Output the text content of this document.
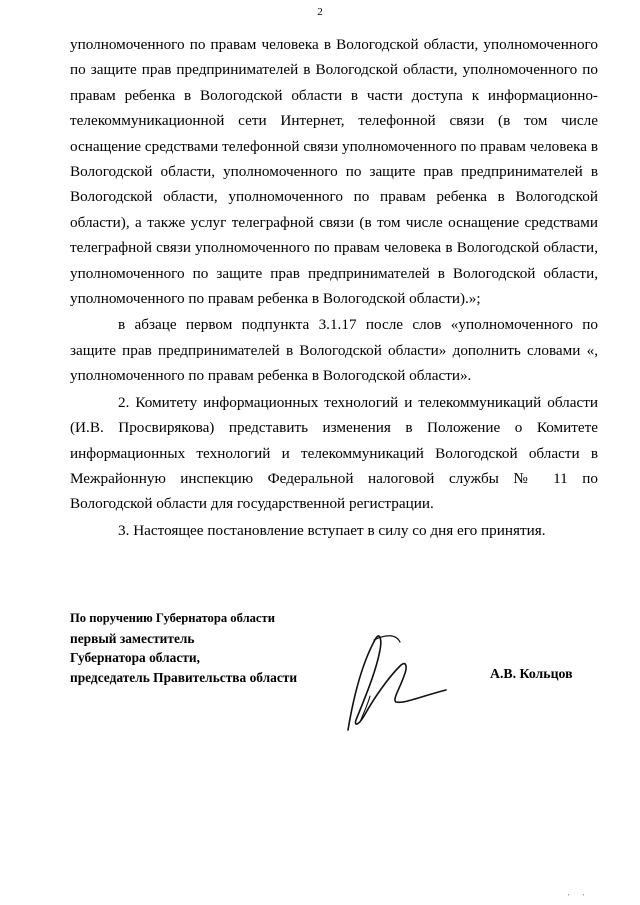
2

уполномоченного по правам человека в Вологодской области, уполномоченного по защите прав предпринимателей в Вологодской области, уполномоченного по правам ребенка в Вологодской области в части доступа к информационно-телекоммуникационной сети Интернет, телефонной связи (в том числе оснащение средствами телефонной связи уполномоченного по правам человека в Вологодской области, уполномоченного по защите прав предпринимателей в Вологодской области, уполномоченного по правам ребенка в Вологодской области), а также услуг телеграфной связи (в том числе оснащение средствами телеграфной связи уполномоченного по правам человека в Вологодской области, уполномоченного по защите прав предпринимателей в Вологодской области, уполномоченного по правам ребенка в Вологодской области).»;

в абзаце первом подпункта 3.1.17 после слов «уполномоченного по защите прав предпринимателей в Вологодской области» дополнить словами «, уполномоченного по правам ребенка в Вологодской области».

2. Комитету информационных технологий и телекоммуникаций области (И.В. Просвирякова) представить изменения в Положение о Комитете информационных технологий и телекоммуникаций Вологодской области в Межрайонную инспекцию Федеральной налоговой службы № 11 по Вологодской области для государственной регистрации.

3. Настоящее постановление вступает в силу со дня его принятия.

По поручению Губернатора области
первый заместитель
Губернатора области,
председатель Правительства области	А.В. Кольцов
' '
